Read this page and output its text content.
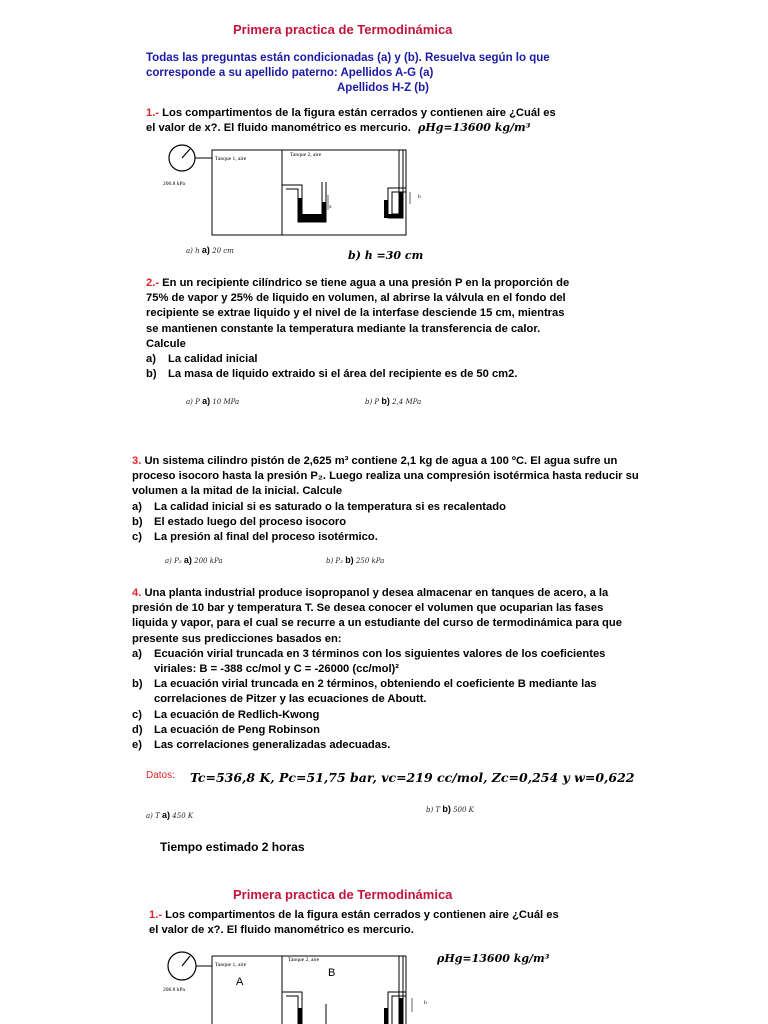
Primera practica de Termodinámica
Todas las preguntas están condicionadas (a) y (b). Resuelva según lo que
corresponde a su apellido paterno: Apellidos A-G (a)
Apellidos H-Z (b)
1.- Los compartimentos de la figura están cerrados y contienen aire ¿Cuál es
el valor de x?. El fluido manométrico es mercurio. ρHg=13600 kg/m³
Tanque 1, aire
Tanque 2, aire
206.8 kPa
x
h
a) h a) 20 cm	b) h =30 cm
2.- En un recipiente cilíndrico se tiene agua a una presión P en la proporción de
75% de vapor y 25% de liquido en volumen, al abrirse la válvula en el fondo del
recipiente se extrae liquido y el nivel de la interfase desciende 15 cm, mientras
se mantienen constante la temperatura mediante la transferencia de calor.
Calcule
a) La calidad inicial
b) La masa de liquido extraido si el área del recipiente es de 50 cm2.
a) P a) 10 MPa	b) P b) 2,4 MPa
3. Un sistema cilindro pistón de 2,625 m³ contiene 2,1 kg de agua a 100 ºC. El agua sufre un
proceso isocoro hasta la presión P₂. Luego realiza una compresión isotérmica hasta reducir su
volumen a la mitad de la inicial. Calcule
a) La calidad inicial si es saturado o la temperatura si es recalentado
b) El estado luego del proceso isocoro
c) La presión al final del proceso isotérmico.
a) P₂ a) 200 kPa	b) P₂ b) 250 kPa
4. Una planta industrial produce isopropanol y desea almacenar en tanques de acero, a la
presión de 10 bar y temperatura T. Se desea conocer el volumen que ocuparian las fases
liquida y vapor, para el cual se recurre a un estudiante del curso de termodinámica para que
presente sus predicciones basados en:
a) Ecuación virial truncada en 3 términos con los siguientes valores de los coeficientes
viriales: B = -388 cc/mol y C = -26000 (cc/mol)²
b) La ecuación virial truncada en 2 términos, obteniendo el coeficiente B mediante las
correlaciones de Pitzer y las ecuaciones de Aboutt.
c) La ecuación de Redlich-Kwong
d) La ecuación de Peng Robinson
e) Las correlaciones generalizadas adecuadas.
Datos: Tc=536,8 K, Pc=51,75 bar, vc=219 cc/mol, Zc=0,254 y w=0,622
a) T a) 450 K
b) T b) 500 K
Tiempo estimado 2 horas
Primera practica de Termodinámica
1.- Los compartimentos de la figura están cerrados y contienen aire ¿Cuál es
el valor de x?. El fluido manométrico es mercurio.
ρHg=13600 kg/m³
Tanque 1, aire
Tanque 2, aire
206.8 kPa
A
B
h
